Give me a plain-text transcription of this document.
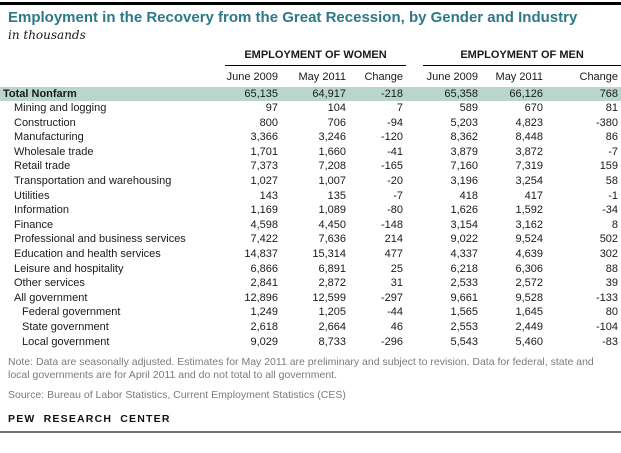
Employment in the Recovery from the Great Recession, by Gender and Industry
in thousands

	EMPLOYMENT OF WOMEN			EMPLOYMENT OF MEN		

	June 2009	May 2011	Change	June 2009	May 2011	Change
Total Nonfarm	65,135	64,917	-218	65,358	66,126	768
Mining and logging	97	104	7	589	670	81
Construction	800	706	-94	5,203	4,823	-380
Manufacturing	3,366	3,246	-120	8,362	8,448	86
Wholesale trade	1,701	1,660	-41	3,879	3,872	-7
Retail trade	7,373	7,208	-165	7,160	7,319	159
Transportation and warehousing	1,027	1,007	-20	3,196	3,254	58
Utilities	143	135	-7	418	417	-1
Information	1,169	1,089	-80	1,626	1,592	-34
Finance	4,598	4,450	-148	3,154	3,162	8
Professional and business services	7,422	7,636	214	9,022	9,524	502
Education and health services	14,837	15,314	477	4,337	4,639	302
Leisure and hospitality	6,866	6,891	25	6,218	6,306	88
Other services	2,841	2,872	31	2,533	2,572	39
All government	12,896	12,599	-297	9,661	9,528	-133
Federal government	1,249	1,205	-44	1,565	1,645	80
State government	2,618	2,664	46	2,553	2,449	-104
Local government	9,029	8,733	-296	5,543	5,460	-83
Note: Data are seasonally adjusted. Estimates for May 2011 are preliminary and subject to revision. Data for federal, state and local governments are for April 2011 and do not total to all government.
Source: Bureau of Labor Statistics, Current Employment Statistics (CES)
PEW RESEARCH CENTER
